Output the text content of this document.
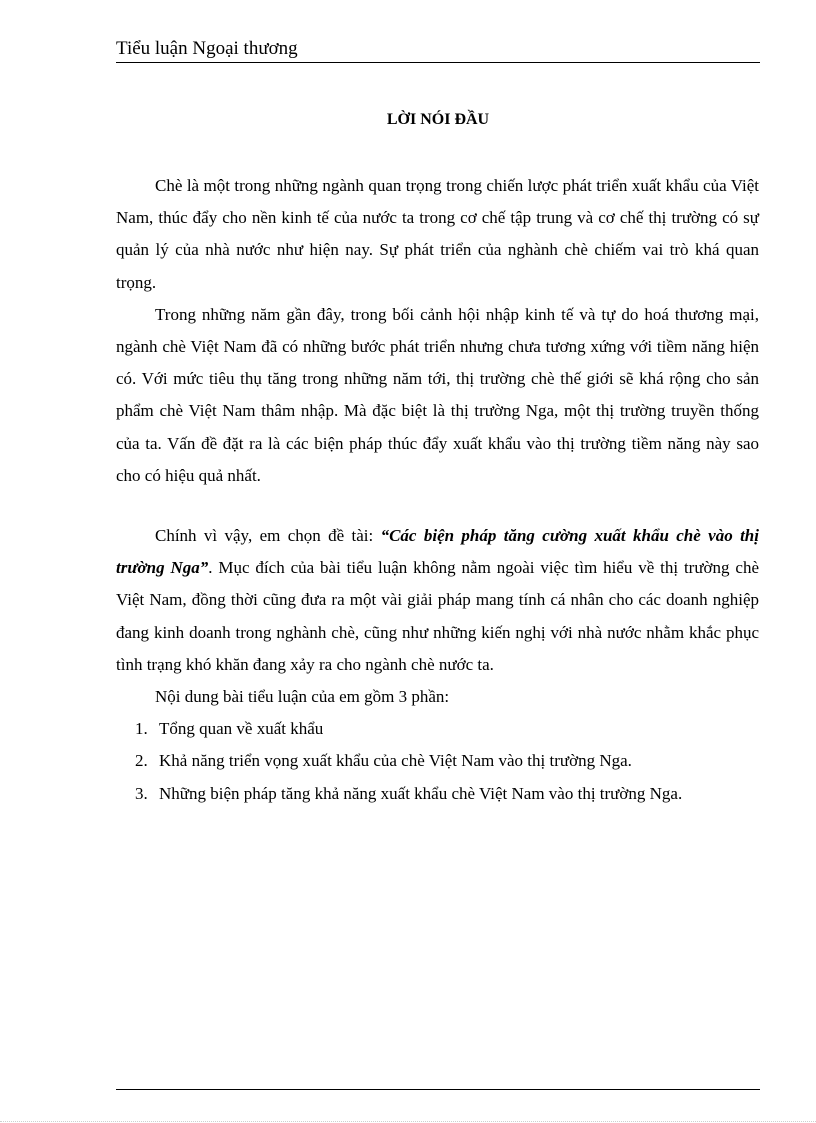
Tiểu luận Ngoại thương
LỜI NÓI ĐẦU

Chè là một trong những ngành quan trọng trong chiến lược phát triển xuất khẩu của Việt Nam, thúc đẩy cho nền kinh tế của nước ta trong cơ chế tập trung và cơ chế thị trường có sự quản lý của nhà nước như hiện nay. Sự phát triển của nghành chè chiếm vai trò khá quan trọng.

Trong những năm gần đây, trong bối cảnh hội nhập kinh tế và tự do hoá thương mại, ngành chè Việt Nam đã có những bước phát triển nhưng chưa tương xứng với tiềm năng hiện có. Với mức tiêu thụ tăng trong những năm tới, thị trường chè thế giới sẽ khá rộng cho sản phẩm chè Việt Nam thâm nhập. Mà đặc biệt là thị trường Nga, một thị trường truyền thống của ta. Vấn đề đặt ra là các biện pháp thúc đẩy xuất khẩu vào thị trường tiềm năng này sao cho có hiệu quả nhất.

Chính vì vậy, em chọn đề tài: “Các biện pháp tăng cường xuất khẩu chè vào thị trường Nga”. Mục đích của bài tiểu luận không nằm ngoài việc tìm hiểu về thị trường chè Việt Nam, đồng thời cũng đưa ra một vài giải pháp mang tính cá nhân cho các doanh nghiệp đang kinh doanh trong nghành chè, cũng như những kiến nghị với nhà nước nhằm khắc phục tình trạng khó khăn đang xảy ra cho ngành chè nước ta.

Nội dung bài tiểu luận của em gồm 3 phần:

1. Tổng quan về xuất khẩu
2. Khả năng triển vọng xuất khẩu của chè Việt Nam vào thị trường Nga.
3. Những biện pháp tăng khả năng xuất khẩu chè Việt Nam vào thị trường Nga.
